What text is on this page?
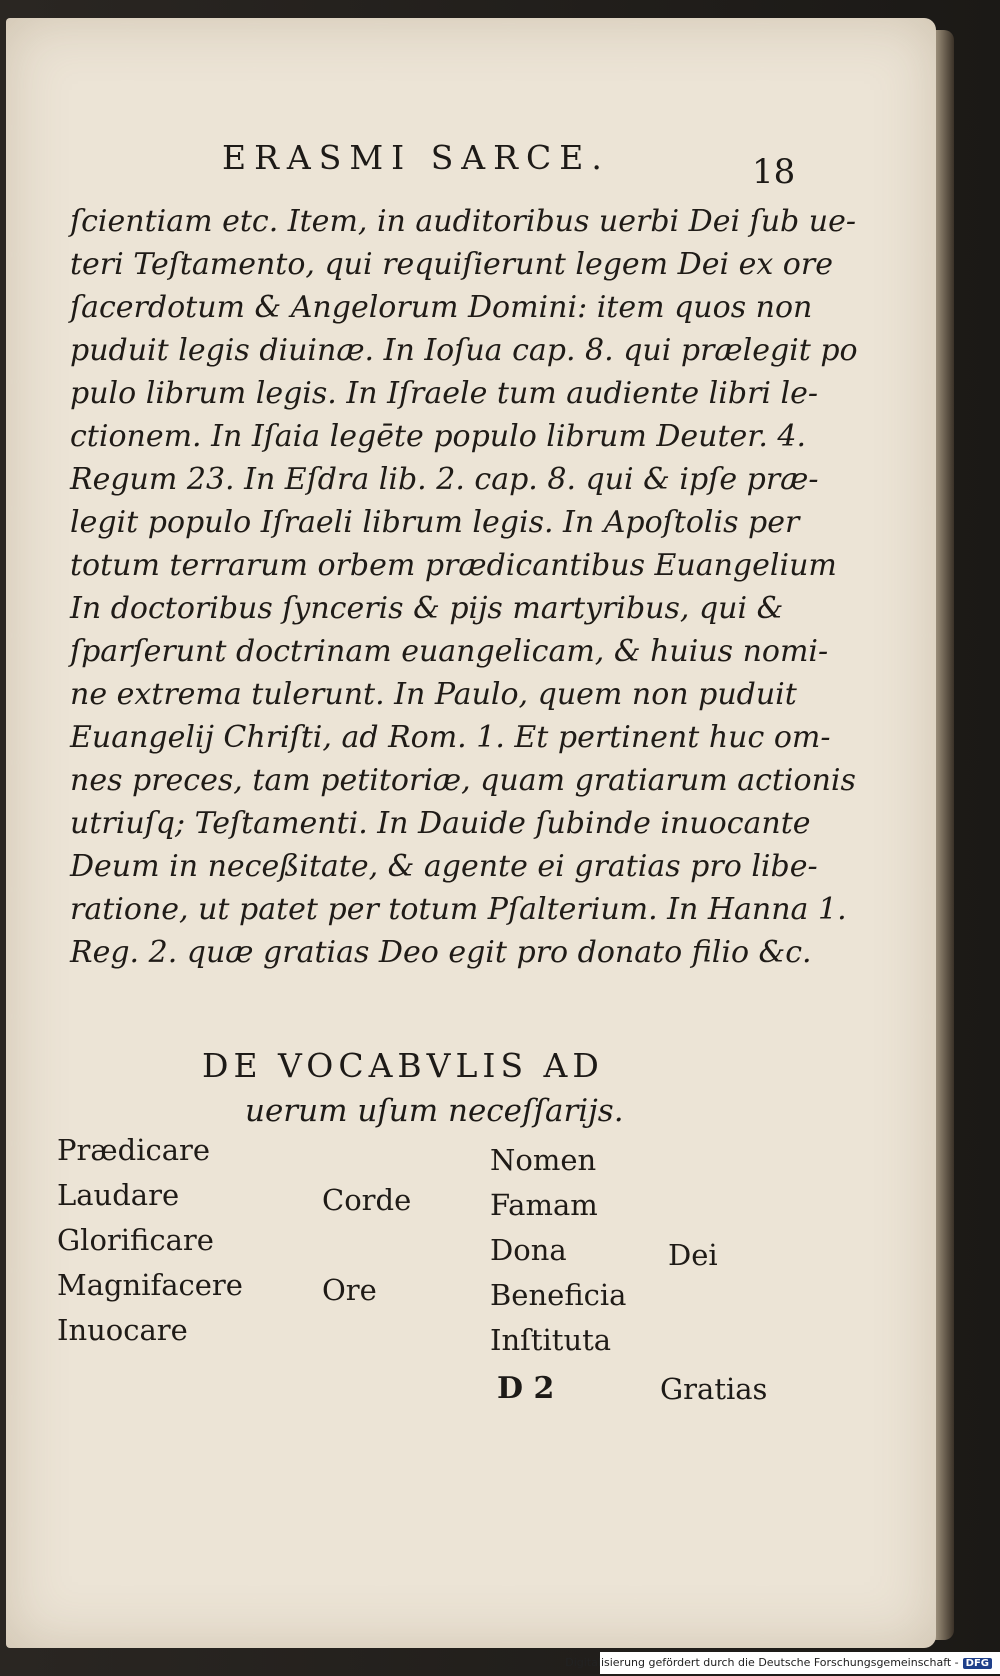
ERASMI SARCE.	18
ſcientiam etc. Item, in auditoribus uerbi Dei ſub ue-
teri Teſtamento, qui requiſierunt legem Dei ex ore
ſacerdotum & Angelorum Domini: item quos non
puduit legis diuinæ. In Ioſua cap. 8. qui prælegit po
pulo librum legis. In Iſraele tum audiente libri le-
ctionem. In Iſaia legēte populo librum Deuter. 4.
Regum 23. In Eſdra lib. 2. cap. 8. qui & ipſe præ-
legit populo Iſraeli librum legis. In Apoſtolis per
totum terrarum orbem prædicantibus Euangelium
In doctoribus ſynceris & pijs martyribus, qui &
ſparſerunt doctrinam euangelicam, & huius nomi-
ne extrema tulerunt. In Paulo, quem non puduit
Euangelij Chriſti, ad Rom. 1. Et pertinent huc om-
nes preces, tam petitoriæ, quam gratiarum actionis
utriuſq; Teſtamenti. In Dauide ſubinde inuocante
Deum in neceßitate, & agente ei gratias pro libe-
ratione, ut patet per totum Pſalterium. In Hanna 1.
Reg. 2. quæ gratias Deo egit pro donato filio &c.
DE VOCABVLIS AD
uerum uſum neceſſarijs.
Prædicare
Laudare
Glorificare
Magnifacere
Inuocare
Corde
Ore
Nomen
Famam
Dona
Beneficia
Inſtituta
Dei
D 2	Gratias
Digitalisierung gefördert durch die Deutsche Forschungsgemeinschaft - DFG
